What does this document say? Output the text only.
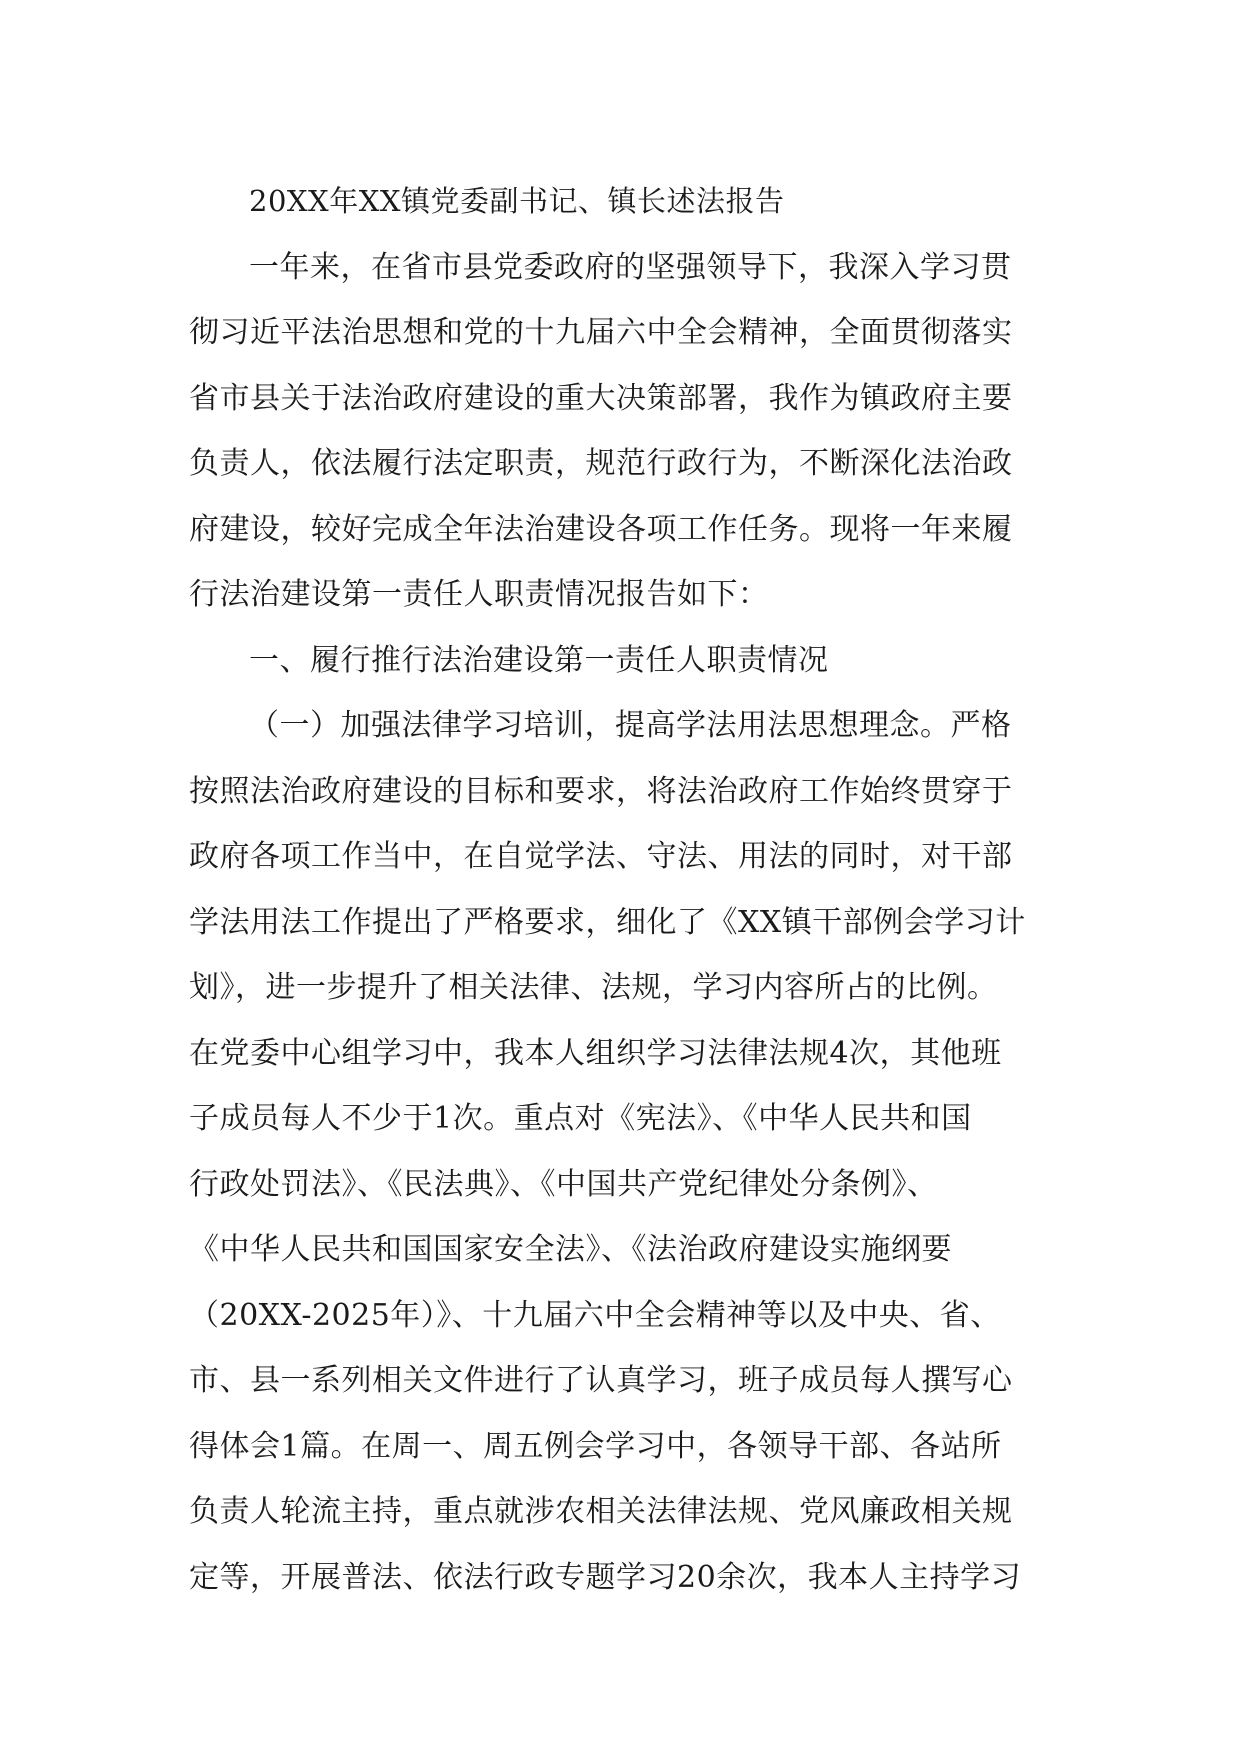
20XX年XX镇党委副书记、镇长述法报告
一年来，在省市县党委政府的坚强领导下，我深入学习贯
彻习近平法治思想和党的十九届六中全会精神，全面贯彻落实
省市县关于法治政府建设的重大决策部署，我作为镇政府主要
负责人，依法履行法定职责，规范行政行为，不断深化法治政
府建设，较好完成全年法治建设各项工作任务。现将一年来履
行法治建设第一责任人职责情况报告如下：
一、履行推行法治建设第一责任人职责情况
（一）加强法律学习培训，提高学法用法思想理念。严格
按照法治政府建设的目标和要求，将法治政府工作始终贯穿于
政府各项工作当中，在自觉学法、守法、用法的同时，对干部
学法用法工作提出了严格要求，细化了《XX镇干部例会学习计
划》，进一步提升了相关法律、法规，学习内容所占的比例。
在党委中心组学习中，我本人组织学习法律法规4次，其他班
子成员每人不少于1次。重点对《宪法》、《中华人民共和国
行政处罚法》、《民法典》、《中国共产党纪律处分条例》、
《中华人民共和国国家安全法》、《法治政府建设实施纲要
（20XX-2025年）》、十九届六中全会精神等以及中央、省、
市、县一系列相关文件进行了认真学习，班子成员每人撰写心
得体会1篇。在周一、周五例会学习中，各领导干部、各站所
负责人轮流主持，重点就涉农相关法律法规、党风廉政相关规
定等，开展普法、依法行政专题学习20余次，我本人主持学习
